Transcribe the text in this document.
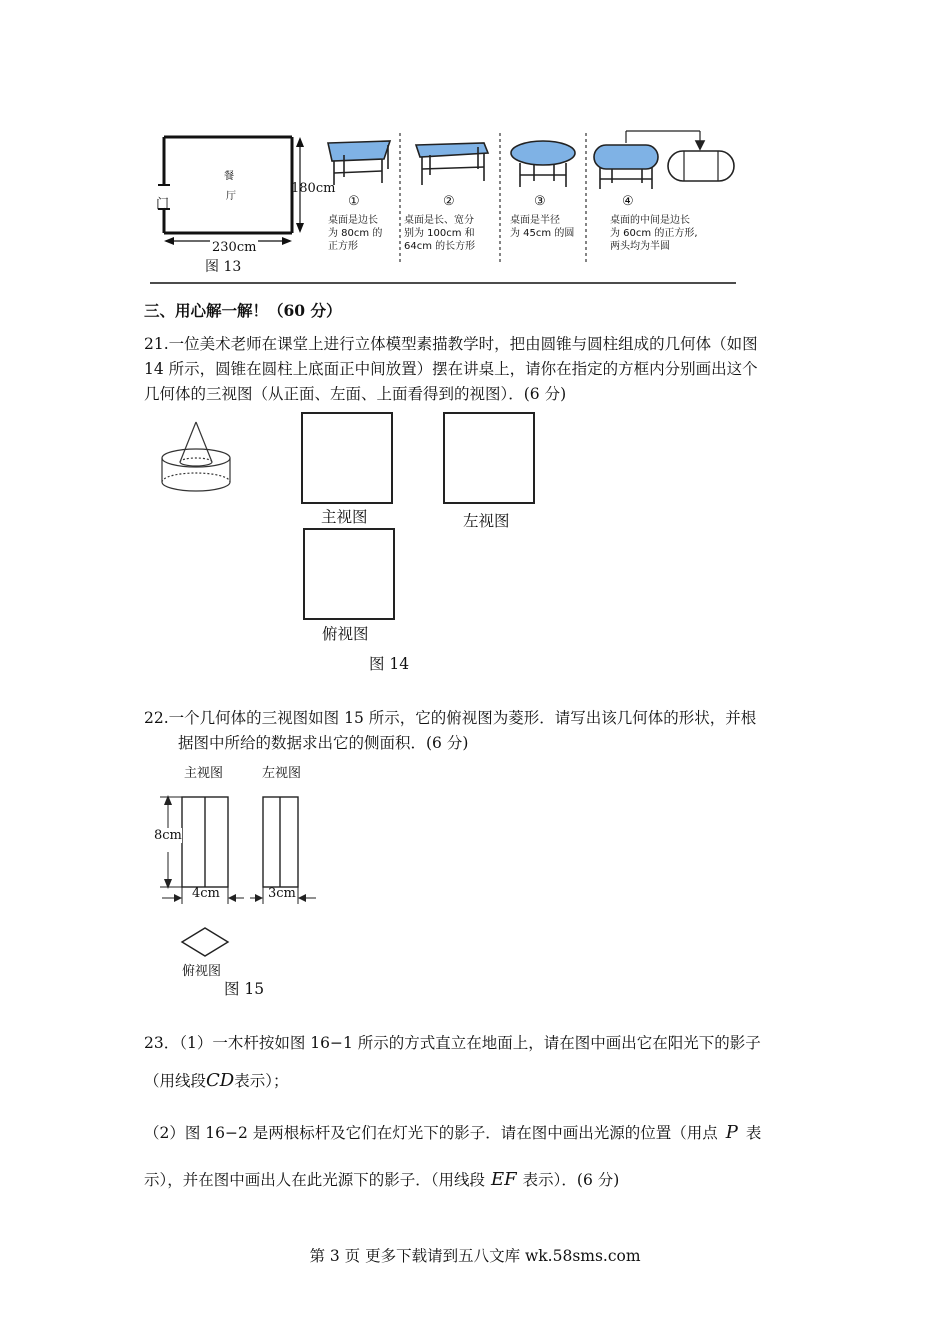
门
餐
厅
180cm
230cm
图 13
①	②	③	④
桌面是边长
为 80cm 的
正方形
桌面是长、宽分
别为 100cm 和
64cm 的长方形
桌面是半径
为 45cm 的圆
桌面的中间是边长
为 60cm 的正方形,
两头均为半圆
三、用心解一解！（60 分）
21.一位美术老师在课堂上进行立体模型素描教学时，把由圆锥与圆柱组成的几何体（如图
14 所示，圆锥在圆柱上底面正中间放置）摆在讲桌上，请你在指定的方框内分别画出这个
几何体的三视图（从正面、左面、上面看得到的视图）．(6 分)
主视图	左视图
俯视图
图 14
22.一个几何体的三视图如图 15 所示，它的俯视图为菱形．请写出该几何体的形状，并根
据图中所给的数据求出它的侧面积．(6 分)
主视图	左视图
8cm
4cm	3cm
俯视图
图 15
23．（1）一木杆按如图 16−1 所示的方式直立在地面上，请在图中画出它在阳光下的影子
（用线段CD表示）；
（2）图 16−2 是两根标杆及它们在灯光下的影子．请在图中画出光源的位置（用点 P 表
示），并在图中画出人在此光源下的影子．（用线段 EF 表示）．(6 分)
第 3 页 更多下载请到五八文库 wk.58sms.com
